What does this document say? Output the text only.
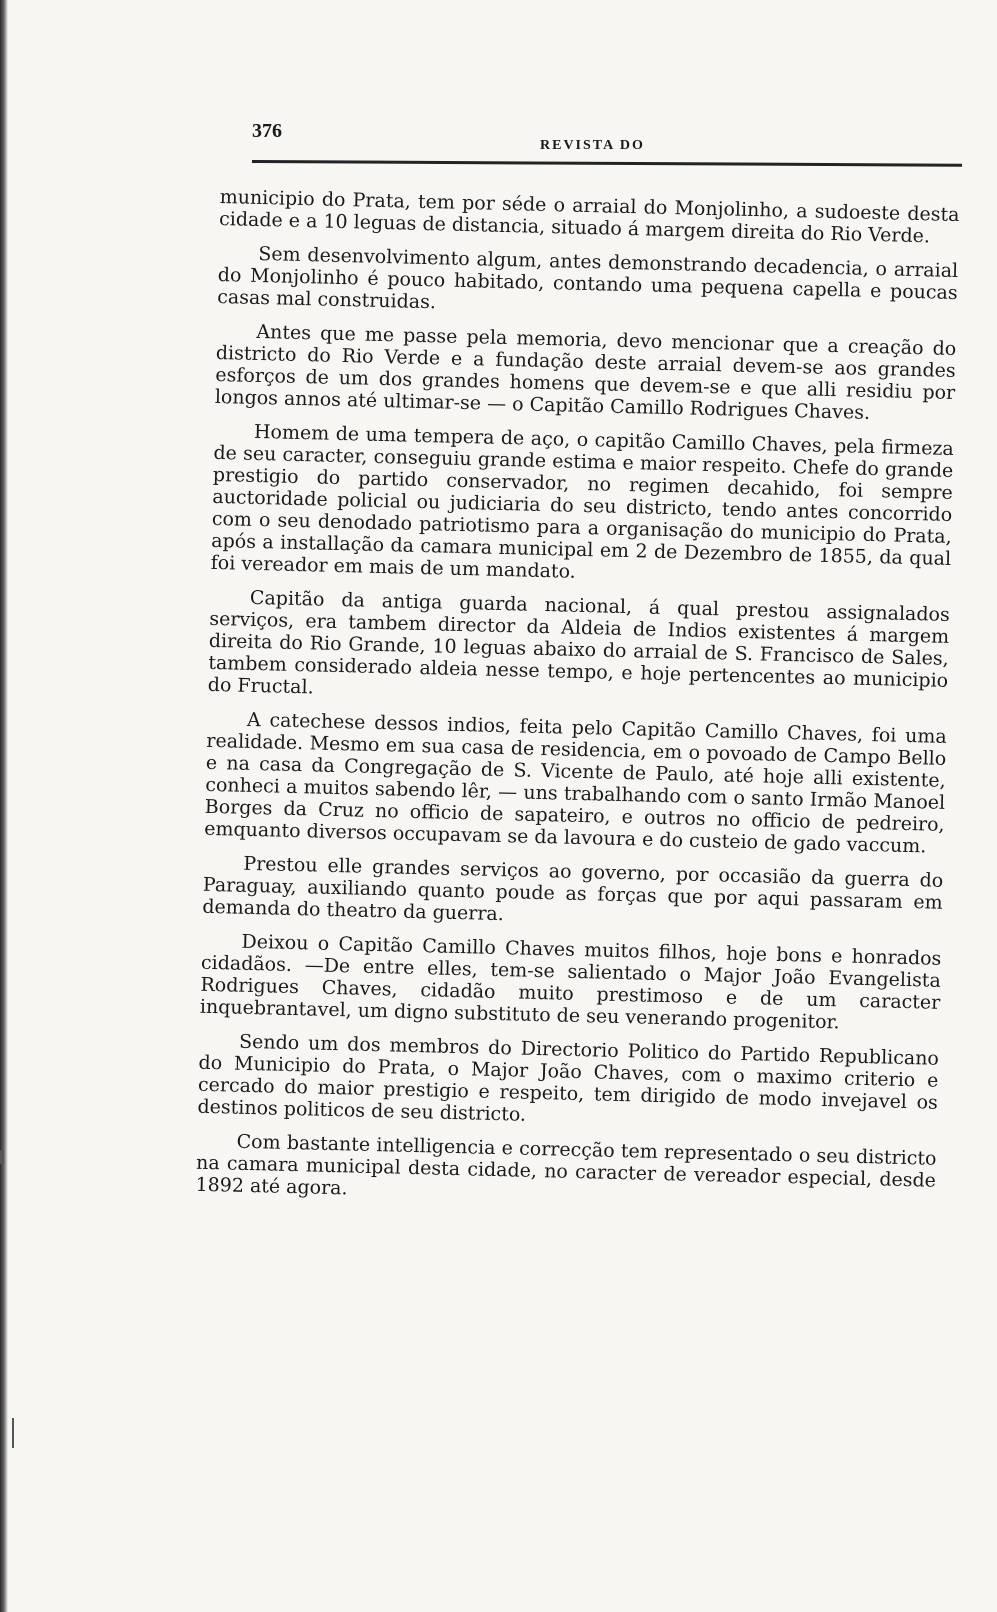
376
REVISTA DO

municipio do Prata, tem por séde o arraial do Monjolinho, a sudoeste desta cidade e a 10 leguas de distancia, situado á margem direita do Rio Verde.

Sem desenvolvimento algum, antes demonstrando decadencia, o arraial do Monjolinho é pouco habitado, contando uma pequena capella e poucas casas mal construidas.

Antes que me passe pela memoria, devo mencionar que a creação do districto do Rio Verde e a fundação deste arraial devem-se aos grandes esforços de um dos grandes homens que devem-se e que alli residiu por longos annos até ultimar-se — o Capitão Camillo Rodrigues Chaves.

Homem de uma tempera de aço, o capitão Camillo Chaves, pela firmeza de seu caracter, conseguiu grande estima e maior respeito. Chefe do grande prestigio do partido conservador, no regimen decahido, foi sempre auctoridade policial ou judiciaria do seu districto, tendo antes concorrido com o seu denodado patriotismo para a organisação do municipio do Prata, após a installação da camara municipal em 2 de Dezembro de 1855, da qual foi vereador em mais de um mandato.

Capitão da antiga guarda nacional, á qual prestou assignalados serviços, era tambem director da Aldeia de Indios existentes á margem direita do Rio Grande, 10 leguas abaixo do arraial de S. Francisco de Sales, tambem considerado aldeia nesse tempo, e hoje pertencentes ao municipio do Fructal.

A catechese dessos indios, feita pelo Capitão Camillo Chaves, foi uma realidade. Mesmo em sua casa de residencia, em o povoado de Campo Bello e na casa da Congregação de S. Vicente de Paulo, até hoje alli existente, conheci a muitos sabendo lêr, — uns trabalhando com o santo Irmão Manoel Borges da Cruz no officio de sapateiro, e outros no officio de pedreiro, emquanto diversos occupavam se da lavoura e do custeio de gado vaccum.

Prestou elle grandes serviços ao governo, por occasião da guerra do Paraguay, auxiliando quanto poude as forças que por aqui passaram em demanda do theatro da guerra.

Deixou o Capitão Camillo Chaves muitos filhos, hoje bons e honrados cidadãos. —De entre elles, tem-se salientado o Major João Evangelista Rodrigues Chaves, cidadão muito prestimoso e de um caracter inquebrantavel, um digno substituto de seu venerando progenitor.

Sendo um dos membros do Directorio Politico do Partido Republicano do Municipio do Prata, o Major João Chaves, com o maximo criterio e cercado do maior prestigio e respeito, tem dirigido de modo invejavel os destinos politicos de seu districto.

Com bastante intelligencia e correcção tem representado o seu districto na camara municipal desta cidade, no caracter de vereador especial, desde 1892 até agora.
